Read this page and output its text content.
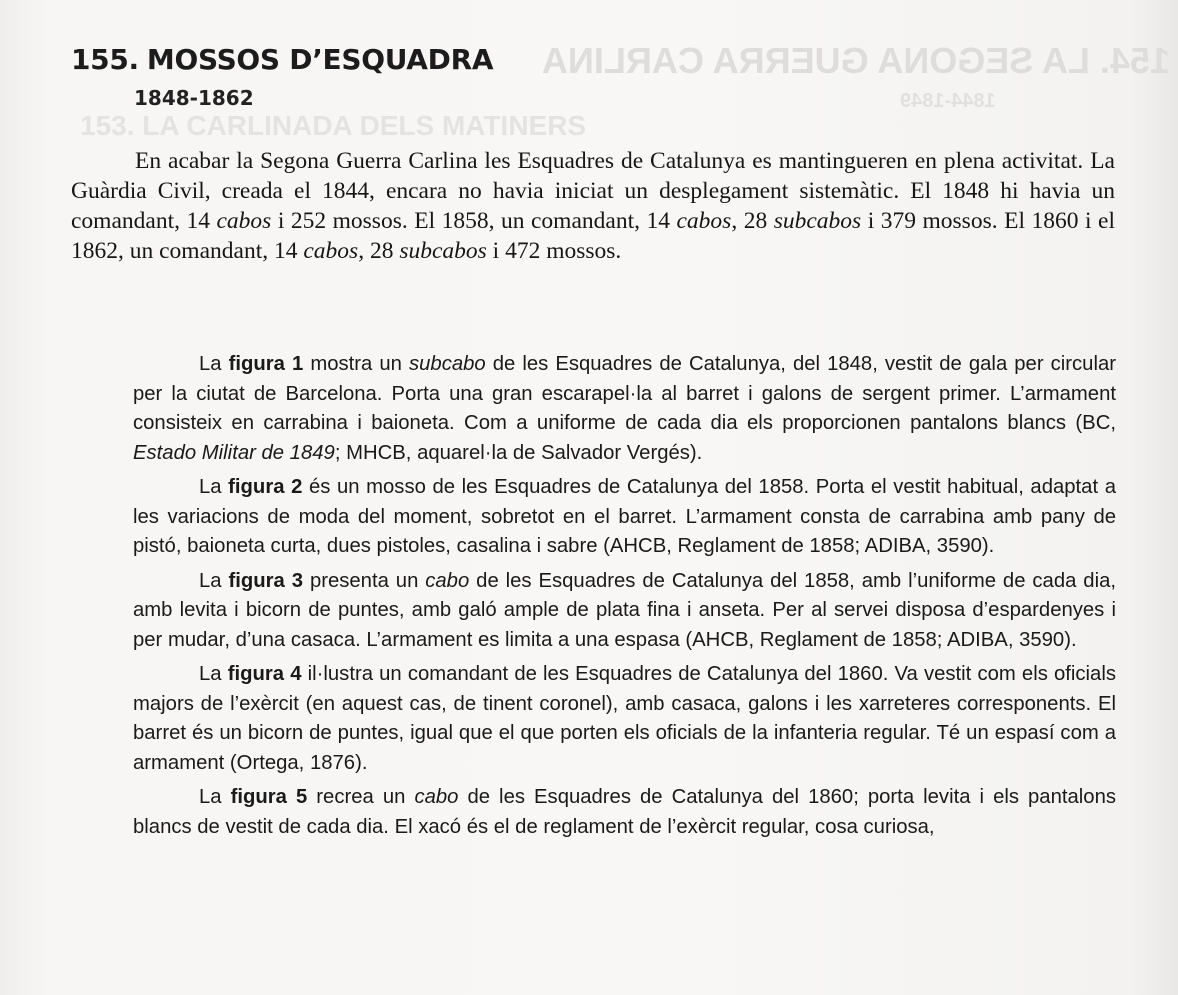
154. LA SEGONA GUERRA CARLINA
1844-1849
153. LA CARLINADA DELS MATINERS
155. MOSSOS D’ESQUADRA
1848-1862

En acabar la Segona Guerra Carlina les Esquadres de Catalunya es mantingueren en plena activitat. La Guàrdia Civil, creada el 1844, encara no havia iniciat un desplegament sistemàtic. El 1848 hi havia un comandant, 14 cabos i 252 mossos. El 1858, un comandant, 14 cabos, 28 subcabos i 379 mossos. El 1860 i el 1862, un comandant, 14 cabos, 28 subcabos i 472 mossos.

La figura 1 mostra un subcabo de les Esquadres de Catalunya, del 1848, vestit de gala per circular per la ciutat de Barcelona. Porta una gran escarapel·la al barret i galons de sergent primer. L’armament consisteix en carrabina i baioneta. Com a uniforme de cada dia els proporcionen pantalons blancs (BC, Estado Militar de 1849; MHCB, aquarel·la de Salvador Vergés).

La figura 2 és un mosso de les Esquadres de Catalunya del 1858. Porta el vestit habitual, adaptat a les variacions de moda del moment, sobretot en el barret. L’armament consta de carrabina amb pany de pistó, baioneta curta, dues pistoles, casalina i sabre (AHCB, Reglament de 1858; ADIBA, 3590).

La figura 3 presenta un cabo de les Esquadres de Catalunya del 1858, amb l’uniforme de cada dia, amb levita i bicorn de puntes, amb galó ample de plata fina i anseta. Per al servei disposa d’espardenyes i per mudar, d’una casaca. L’armament es limita a una espasa (AHCB, Reglament de 1858; ADIBA, 3590).

La figura 4 il·lustra un comandant de les Esquadres de Catalunya del 1860. Va vestit com els oficials majors de l’exèrcit (en aquest cas, de tinent coronel), amb casaca, galons i les xarreteres corresponents. El barret és un bicorn de puntes, igual que el que porten els oficials de la infanteria regular. Té un espasí com a armament (Ortega, 1876).

La figura 5 recrea un cabo de les Esquadres de Catalunya del 1860; porta levita i els pantalons blancs de vestit de cada dia. El xacó és el de reglament de l’exèrcit regular, cosa curiosa,
